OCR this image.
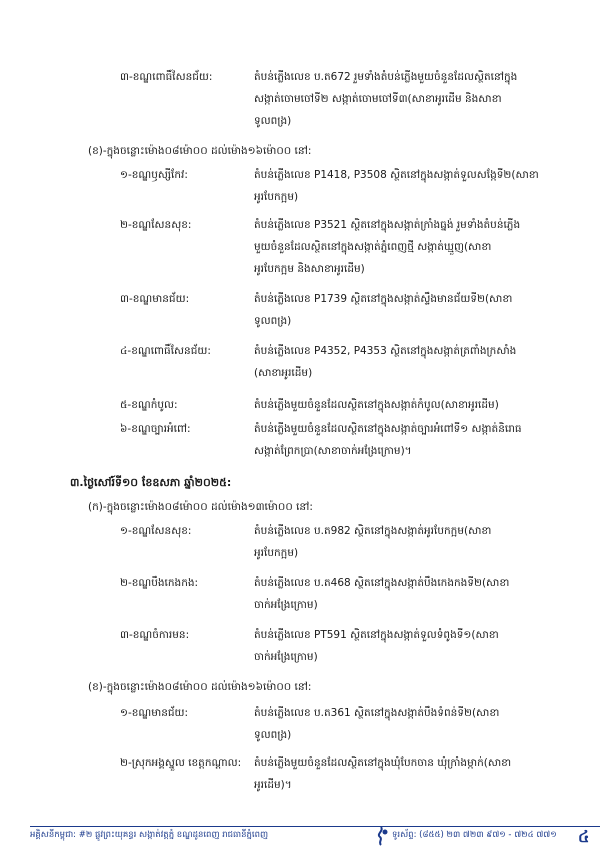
៣-ខណ្ឌពោធិ៍សែនជ័យ:	តំបន់ភ្លើងលេខ ប.ត672 រួមទាំងតំបន់ភ្លើងមួយចំនួនដែលស្ថិតនៅក្នុង
សង្កាត់ចោមចៅទី២ សង្កាត់ចោមចៅទី៣(សាខាអូរដើម និងសាខា
ទូលពង្រ)
(ខ)-ក្នុងចន្លោះម៉ោង០៨ម៉ោ០០ ដល់ម៉ោង១៦ម៉ោ០០ នៅ:
១-ខណ្ឌឫស្សីកែវ:	តំបន់ភ្លើងលេខ P1418, P3508 ស្ថិតនៅក្នុងសង្កាត់ទួលសង្កែទី២(សាខា
អូរបែកក្អម)
២-ខណ្ឌសែនសុខ:	តំបន់ភ្លើងលេខ P3521 ស្ថិតនៅក្នុងសង្កាត់ក្រាំងធ្នង់ រួមទាំងតំបន់ភ្លើង
មួយចំនួនដែលស្ថិតនៅក្នុងសង្កាត់ភ្នំពេញថ្មី សង្កាត់ឃ្មួញ(សាខា
អូរបែកក្អម និងសាខាអូរដើម)
៣-ខណ្ឌមានជ័យ:	តំបន់ភ្លើងលេខ P1739 ស្ថិតនៅក្នុងសង្កាត់ស្ទឹងមានជ័យទី២(សាខា
ទូលពង្រ)
៤-ខណ្ឌពោធិ៍សែនជ័យ:	តំបន់ភ្លើងលេខ P4352, P4353 ស្ថិតនៅក្នុងសង្កាត់ត្រពាំងក្រសាំង
(សាខាអូរដើម)
៥-ខណ្ឌកំបូល:	តំបន់ភ្លើងមួយចំនួនដែលស្ថិតនៅក្នុងសង្កាត់កំបូល(សាខាអូរដើម)
៦-ខណ្ឌច្បារអំពៅ:	តំបន់ភ្លើងមួយចំនួនដែលស្ថិតនៅក្នុងសង្កាត់ច្បារអំពៅទី១ សង្កាត់និរោធ
សង្កាត់ព្រែកប្រា(សាខាចាក់អង្រែក្រោម)។
៣.ថ្ងៃសៅរ៍ទី១០ ខែឧសភា ឆ្នាំ២០២៥:
(ក)-ក្នុងចន្លោះម៉ោង០៨ម៉ោ០០ ដល់ម៉ោង១៣ម៉ោ០០ នៅ:
១-ខណ្ឌសែនសុខ:	តំបន់ភ្លើងលេខ ប.ត982 ស្ថិតនៅក្នុងសង្កាត់អូរបែកក្អម(សាខា
អូរបែកក្អម)
២-ខណ្ឌបឹងកេងកង:	តំបន់ភ្លើងលេខ ប.ត468 ស្ថិតនៅក្នុងសង្កាត់បឹងកេងកងទី២(សាខា
ចាក់អង្រែក្រោម)
៣-ខណ្ឌចំការមន:	តំបន់ភ្លើងលេខ PT591 ស្ថិតនៅក្នុងសង្កាត់ទួលទំពូងទី១(សាខា
ចាក់អង្រែក្រោម)
(ខ)-ក្នុងចន្លោះម៉ោង០៨ម៉ោ០០ ដល់ម៉ោង១៦ម៉ោ០០ នៅ:
១-ខណ្ឌមានជ័យ:	តំបន់ភ្លើងលេខ ប.ត361 ស្ថិតនៅក្នុងសង្កាត់បឹងទំពន់ទី២(សាខា
ទូលពង្រ)
២-ស្រុកអង្គស្នួល ខេត្តកណ្ដាល:	តំបន់ភ្លើងមួយចំនួនដែលស្ថិតនៅក្នុងឃុំបែកចាន ឃុំក្រាំងម្កាក់(សាខា
អូរដើម)។
អគ្គិសនីកម្ពុជា: #២ ផ្លូវព្រះយុគន្ធរ សង្កាត់វត្តភ្នំ ខណ្ឌដូនពេញ រាជធានីភ្នំពេញ	ទូរស័ព្ទ: (៨៥៥) ២៣ ៧២៣ ៩៧១ - ៧២៤ ៧៧១ ៤
